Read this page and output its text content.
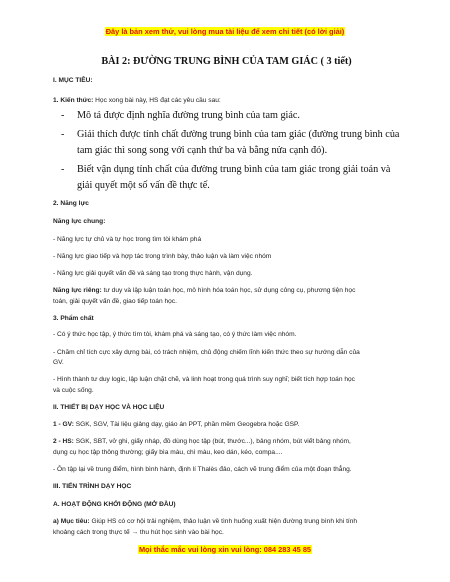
Đây là bản xem thử, vui lòng mua tài liệu để xem chi tiết (có lời giải)
BÀI 2: ĐƯỜNG TRUNG BÌNH CỦA TAM GIÁC ( 3 tiết)
I. MỤC TIÊU:
1. Kiến thức: Học xong bài này, HS đạt các yêu cầu sau:
- Mô tả được định nghĩa đường trung bình của tam giác.
- Giải thích được tính chất đường trung bình của tam giác (đường trung bình của
tam giác thì song song với cạnh thứ ba và bằng nửa cạnh đó).
- Biết vận dụng tính chất của đường trung bình của tam giác trong giải toán và
giải quyết một số vấn đề thực tế.
2. Năng lực
Năng lực chung:
- Năng lực tự chủ và tự học trong tìm tòi khám phá
- Năng lực giao tiếp và hợp tác trong trình bày, thảo luận và làm việc nhóm
- Năng lực giải quyết vấn đề và sáng tạo trong thực hành, vận dụng.
Năng lực riêng: tư duy và lập luận toán học, mô hình hóa toán học, sử dụng công cụ, phương tiện học
toán, giải quyết vấn đề, giao tiếp toán học.
3. Phẩm chất
- Có ý thức học tập, ý thức tìm tòi, khám phá và sáng tạo, có ý thức làm việc nhóm.
- Chăm chỉ tích cực xây dựng bài, có trách nhiệm, chủ động chiếm lĩnh kiến thức theo sự hướng dẫn của
GV.
- Hình thành tư duy logic, lập luận chặt chẽ, và linh hoạt trong quá trình suy nghĩ; biết tích hợp toán học
và cuộc sống.
II. THIẾT BỊ DẠY HỌC VÀ HỌC LIỆU
1 - GV: SGK, SGV, Tài liệu giảng dạy, giáo án PPT, phần mềm Geogebra hoặc GSP.
2 - HS: SGK, SBT, vở ghi, giấy nháp, đồ dùng học tập (bút, thước...), bảng nhóm, bút viết bảng nhóm,
dụng cụ học tập thông thường; giấy bìa màu, chì màu, keo dán, kéo, compa....
- Ôn tập lại về trung điểm, hình bình hành, định lí Thalès đảo, cách vẽ trung điểm của một đoạn thẳng.
III. TIẾN TRÌNH DẠY HỌC
A. HOẠT ĐỘNG KHỞI ĐỘNG (MỞ ĐẦU)
a) Mục tiêu: Giúp HS có cơ hội trải nghiệm, thảo luận về tình huống xuất hiện đường trung bình khi tính
khoảng cách trong thực tế → thu hút học sinh vào bài học.
Mọi thắc mắc vui lòng xin vui lòng: 084 283 45 85
